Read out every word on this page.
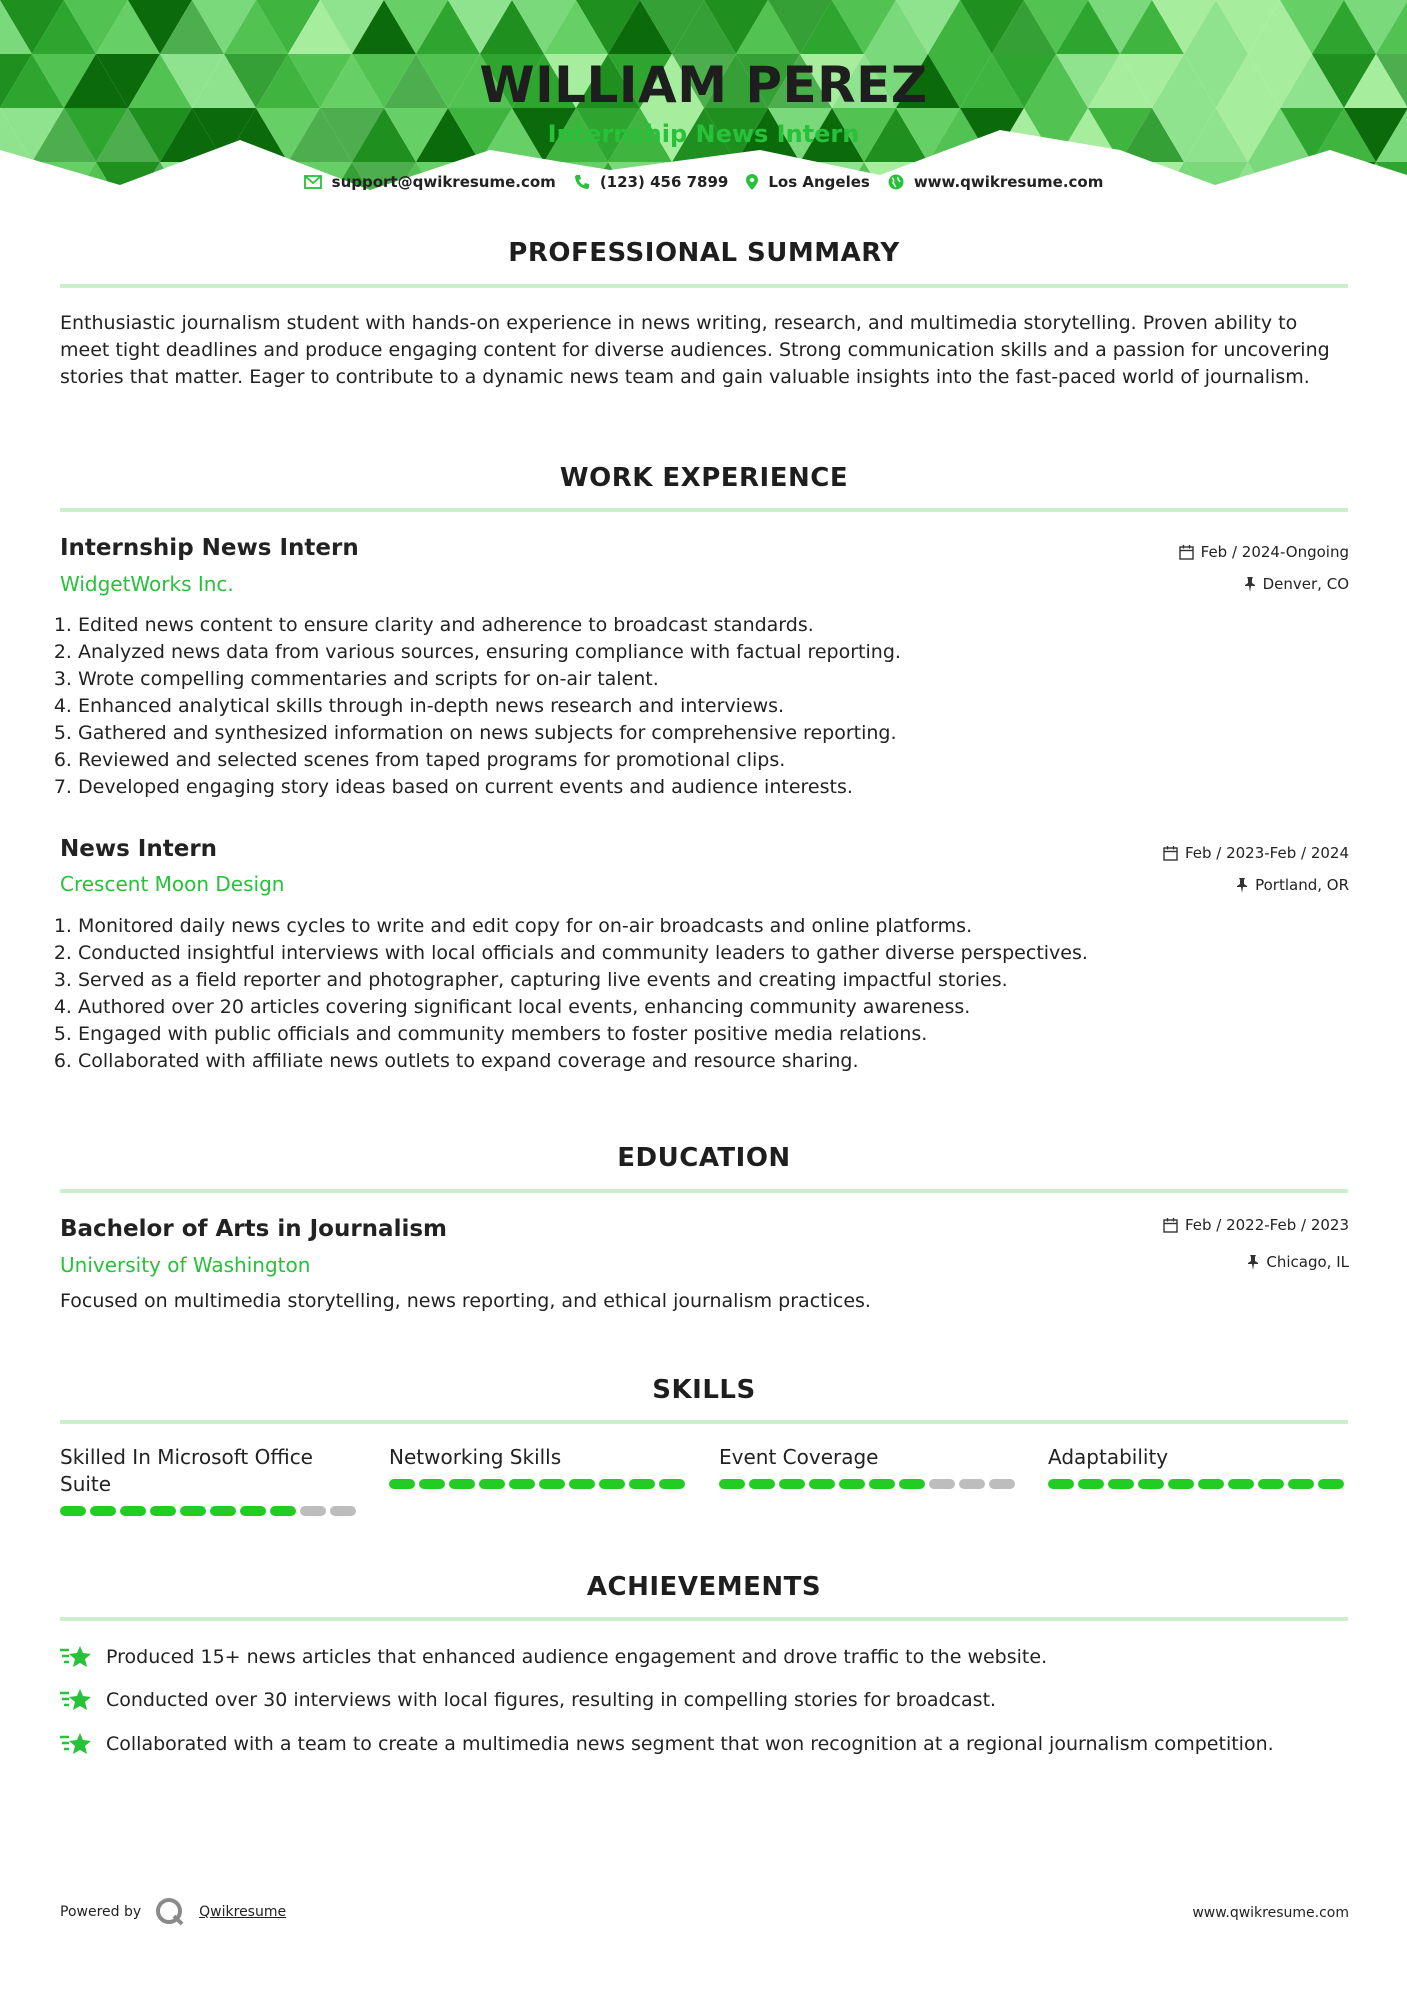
WILLIAM PEREZ
Internship News Intern
support@qwikresume.com	(123) 456 7899	Los Angeles	www.qwikresume.com
PROFESSIONAL SUMMARY
Enthusiastic journalism student with hands-on experience in news writing, research, and multimedia storytelling. Proven ability to meet tight deadlines and produce engaging content for diverse audiences. Strong communication skills and a passion for uncovering stories that matter. Eager to contribute to a dynamic news team and gain valuable insights into the fast-paced world of journalism.
WORK EXPERIENCE
Internship News Intern
WidgetWorks Inc.
Feb / 2024-Ongoing
Denver, CO
1. Edited news content to ensure clarity and adherence to broadcast standards.
2. Analyzed news data from various sources, ensuring compliance with factual reporting.
3. Wrote compelling commentaries and scripts for on-air talent.
4. Enhanced analytical skills through in-depth news research and interviews.
5. Gathered and synthesized information on news subjects for comprehensive reporting.
6. Reviewed and selected scenes from taped programs for promotional clips.
7. Developed engaging story ideas based on current events and audience interests.
News Intern
Crescent Moon Design
Feb / 2023-Feb / 2024
Portland, OR
1. Monitored daily news cycles to write and edit copy for on-air broadcasts and online platforms.
2. Conducted insightful interviews with local officials and community leaders to gather diverse perspectives.
3. Served as a field reporter and photographer, capturing live events and creating impactful stories.
4. Authored over 20 articles covering significant local events, enhancing community awareness.
5. Engaged with public officials and community members to foster positive media relations.
6. Collaborated with affiliate news outlets to expand coverage and resource sharing.
EDUCATION
Bachelor of Arts in Journalism
University of Washington
Feb / 2022-Feb / 2023
Chicago, IL
Focused on multimedia storytelling, news reporting, and ethical journalism practices.
SKILLS
Skilled In Microsoft Office Suite
Networking Skills	Event Coverage	Adaptability
ACHIEVEMENTS
Produced 15+ news articles that enhanced audience engagement and drove traffic to the website.
Conducted over 30 interviews with local figures, resulting in compelling stories for broadcast.
Collaborated with a team to create a multimedia news segment that won recognition at a regional journalism competition.
Powered by	Qwikresume	www.qwikresume.com
